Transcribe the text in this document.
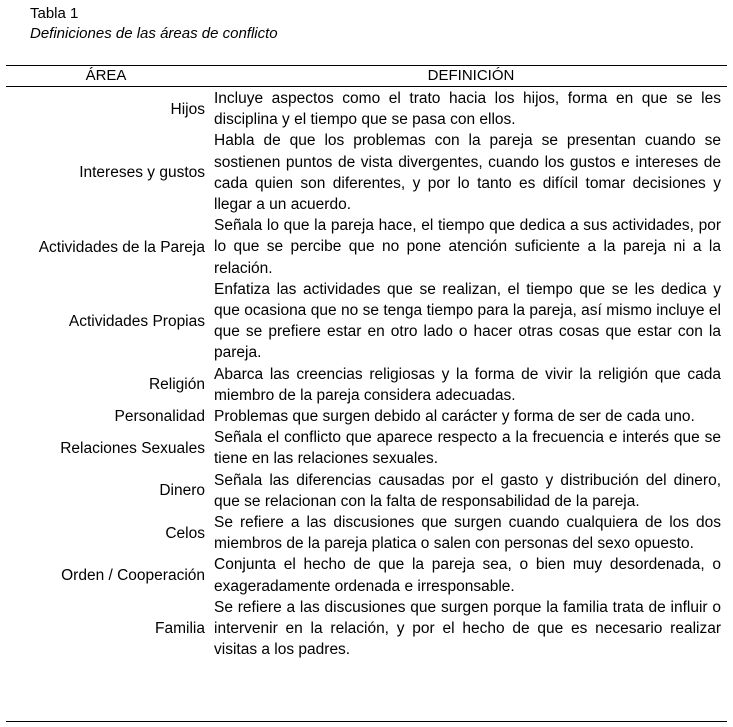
Tabla 1
Definiciones de las áreas de conflicto
ÁREA	DEFINICIÓN
Hijos
Incluye aspectos como el trato hacia los hijos, forma en que se les disciplina y el tiempo que se pasa con ellos.
Intereses y gustos
Habla de que los problemas con la pareja se presentan cuando se sostienen puntos de vista divergentes, cuando los gustos e intereses de cada quien son diferentes, y por lo tanto es difícil tomar decisiones y llegar a un acuerdo.
Actividades de la Pareja
Señala lo que la pareja hace, el tiempo que dedica a sus actividades, por lo que se percibe que no pone atención suficiente a la pareja ni a la relación.
Actividades Propias
Enfatiza las actividades que se realizan, el tiempo que se les dedica y que ocasiona que no se tenga tiempo para la pareja, así mismo incluye el que se prefiere estar en otro lado o hacer otras cosas que estar con la pareja.
Religión
Abarca las creencias religiosas y la forma de vivir la religión que cada miembro de la pareja considera adecuadas.
Personalidad Problemas que surgen debido al carácter y forma de ser de cada uno.
Relaciones Sexuales
Señala el conflicto que aparece respecto a la frecuencia e interés que se tiene en las relaciones sexuales.
Dinero
Señala las diferencias causadas por el gasto y distribución del dinero, que se relacionan con la falta de responsabilidad de la pareja.
Celos
Se refiere a las discusiones que surgen cuando cualquiera de los dos miembros de la pareja platica o salen con personas del sexo opuesto.
Orden / Cooperación
Conjunta el hecho de que la pareja sea, o bien muy desordenada, o exageradamente ordenada e irresponsable.
Familia
Se refiere a las discusiones que surgen porque la familia trata de influir o intervenir en la relación, y por el hecho de que es necesario realizar visitas a los padres.
